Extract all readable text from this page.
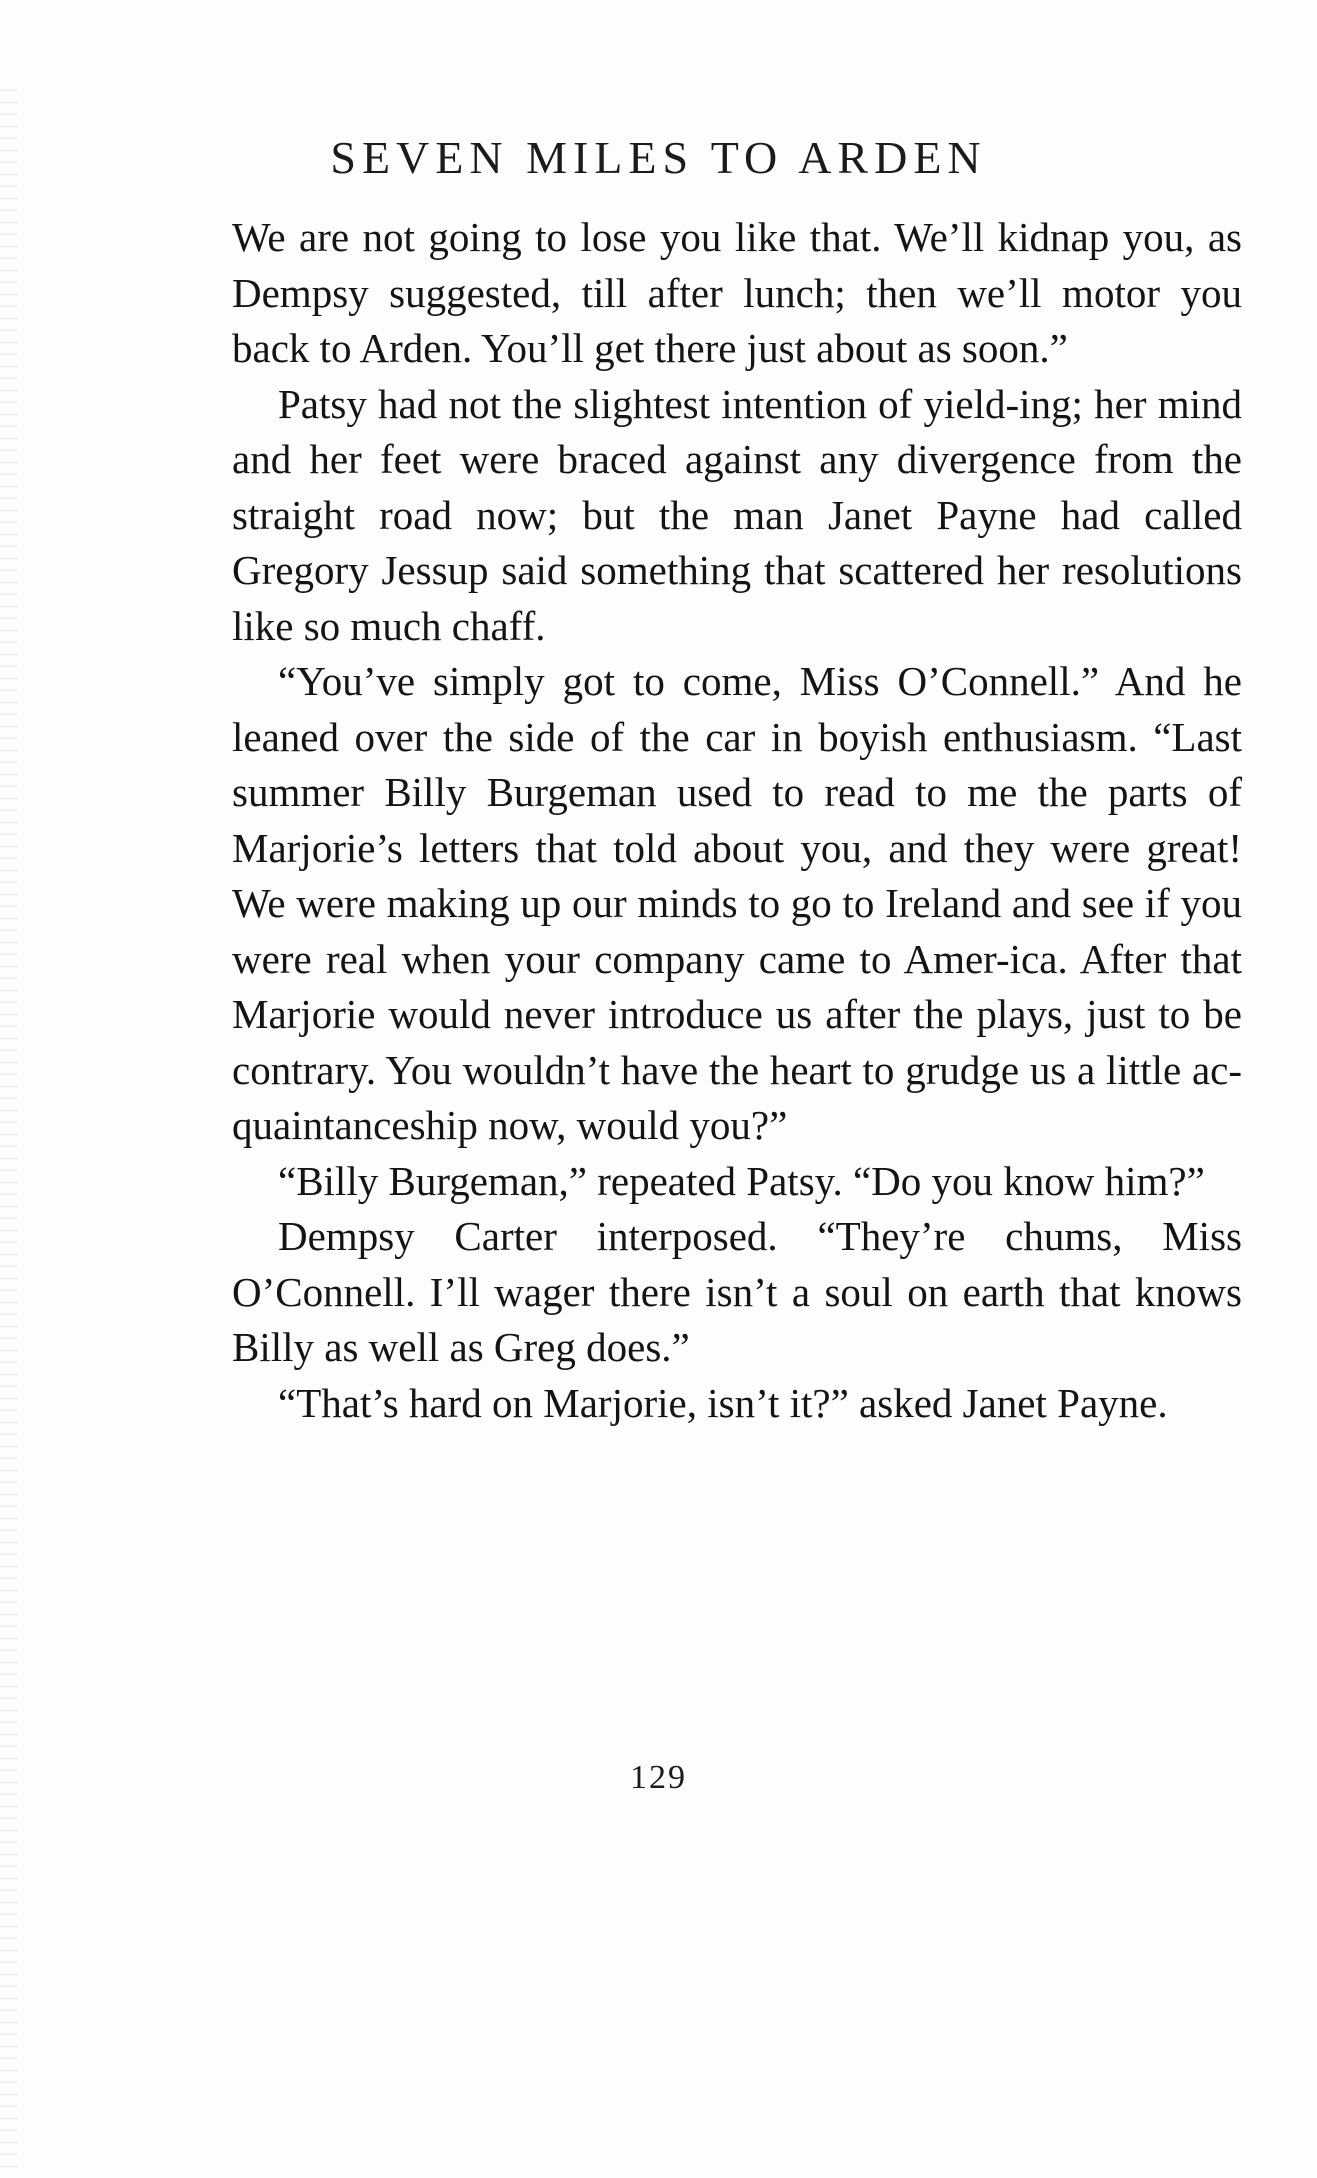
SEVEN MILES TO ARDEN

We are not going to lose you like that. We’ll kidnap you, as Dempsy suggested, till after lunch; then we’ll motor you back to Arden. You’ll get there just about as soon.”

Patsy had not the slightest intention of yield-ing; her mind and her feet were braced against any divergence from the straight road now; but the man Janet Payne had called Gregory Jessup said something that scattered her resolutions like so much chaff.

“You’ve simply got to come, Miss O’Connell.” And he leaned over the side of the car in boyish enthusiasm. “Last summer Billy Burgeman used to read to me the parts of Marjorie’s letters that told about you, and they were great! We were making up our minds to go to Ireland and see if you were real when your company came to Amer-ica. After that Marjorie would never introduce us after the plays, just to be contrary. You wouldn’t have the heart to grudge us a little ac-quaintanceship now, would you?”

“Billy Burgeman,” repeated Patsy. “Do you know him?”

Dempsy Carter interposed. “They’re chums, Miss O’Connell. I’ll wager there isn’t a soul on earth that knows Billy as well as Greg does.”

“That’s hard on Marjorie, isn’t it?” asked Janet Payne.

129
